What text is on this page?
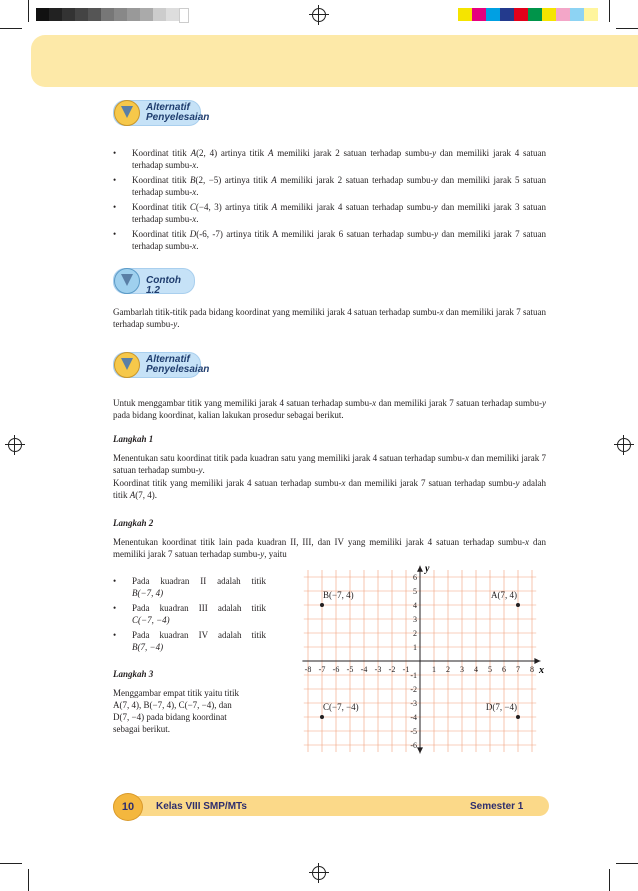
Alternatif
Penyelesaian
• Koordinat titik A(2, 4) artinya titik A memiliki jarak 2 satuan terhadap sumbu-y dan memiliki jarak 4 satuan terhadap sumbu-x.
• Koordinat titik B(2, −5) artinya titik A memiliki jarak 2 satuan terhadap sumbu-y dan memiliki jarak 5 satuan terhadap sumbu-x.
• Koordinat titik C(−4, 3) artinya titik A memiliki jarak 4 satuan terhadap sumbu-y dan memiliki jarak 3 satuan terhadap sumbu-x.
• Koordinat titik D(-6, -7) artinya titik A memiliki jarak 6 satuan terhadap sumbu-y dan memiliki jarak 7 satuan terhadap sumbu-x.
Contoh 1.2
Gambarlah titik-titik pada bidang koordinat yang memiliki jarak 4 satuan terhadap sumbu-x dan memiliki jarak 7 satuan terhadap sumbu-y.
Alternatif
Penyelesaian
Untuk menggambar titik yang memiliki jarak 4 satuan terhadap sumbu-x dan memiliki jarak 7 satuan terhadap sumbu-y pada bidang koordinat, kalian lakukan prosedur sebagai berikut.
Langkah 1
Menentukan satu koordinat titik pada kuadran satu yang memiliki jarak 4 satuan terhadap sumbu-x dan memiliki jarak 7 satuan terhadap sumbu-y.
Koordinat titik yang memiliki jarak 4 satuan terhadap sumbu-x dan memiliki jarak 7 satuan terhadap sumbu-y adalah titik A(7, 4).
Langkah 2
Menentukan koordinat titik lain pada kuadran II, III, dan IV yang memiliki jarak 4 satuan terhadap sumbu-x dan memiliki jarak 7 satuan terhadap sumbu-y, yaitu
• Pada kuadran II adalah titik
B(−7, 4)
• Pada kuadran III adalah titik
C(−7, −4)
• Pada kuadran IV adalah titik
B(7, −4)
Langkah 3
Menggambar empat titik yaitu titik
A(7, 4), B(−7, 4), C(−7, −4), dan
D(7, −4) pada bidang koordinat
sebagai berikut.
x
y
-8 -7 -6 -5 -4 -3 -2 -1	1 2 3 4 5 6 7 8
6
5
4
3
2
1
-1
-2
-3
-4
-5
-6
A(7, 4)
B(−7, 4)
C(−7, −4)	D(7, −4)
10	Kelas VIII SMP/MTs	Semester 1
